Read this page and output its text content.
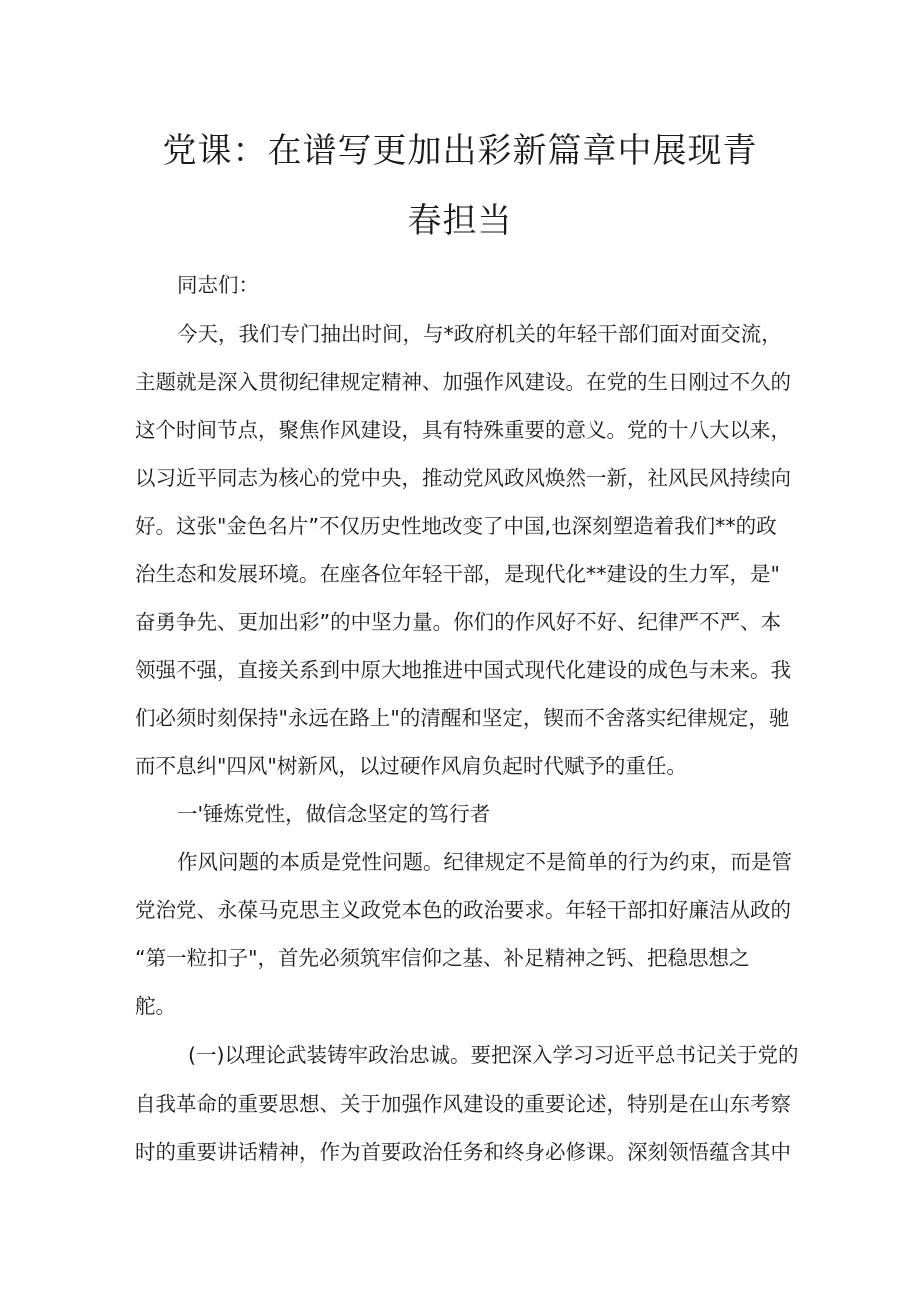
党课：在谱写更加出彩新篇章中展现青
春担当

同志们：

今天，我们专门抽出时间，与*政府机关的年轻干部们面对面交流，

主题就是深入贯彻纪律规定精神、加强作风建设。在党的生日刚过不久的

这个时间节点，聚焦作风建设，具有特殊重要的意义。党的十八大以来，

以习近平同志为核心的党中央，推动党风政风焕然一新，社风民风持续向

好。这张"金色名片”不仅历史性地改变了中国,也深刻塑造着我们**的政

治生态和发展环境。在座各位年轻干部，是现代化**建设的生力军，是"

奋勇争先、更加出彩”的中坚力量。你们的作风好不好、纪律严不严、本

领强不强，直接关系到中原大地推进中国式现代化建设的成色与未来。我

们必须时刻保持"永远在路上"的清醒和坚定，锲而不舍落实纪律规定，驰

而不息纠"四风"树新风，以过硬作风肩负起时代赋予的重任。

一'锤炼党性，做信念坚定的笃行者

作风问题的本质是党性问题。纪律规定不是简单的行为约束，而是管

党治党、永葆马克思主义政党本色的政治要求。年轻干部扣好廉洁从政的

“第一粒扣子"，首先必须筑牢信仰之基、补足精神之钙、把稳思想之

舵。

(一)以理论武装铸牢政治忠诚。要把深入学习习近平总书记关于党的

自我革命的重要思想、关于加强作风建设的重要论述，特别是在山东考察

时的重要讲话精神，作为首要政治任务和终身必修课。深刻领悟蕴含其中
